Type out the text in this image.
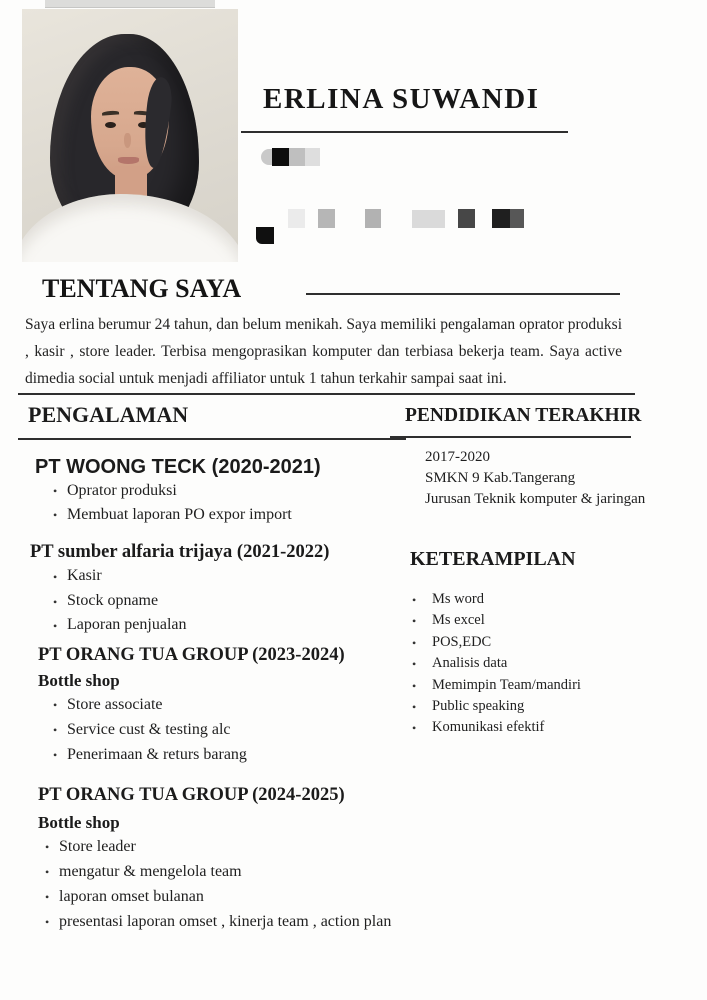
ERLINA SUWANDI
TENTANG SAYA

Saya erlina berumur 24 tahun, dan belum menikah. Saya memiliki pengalaman oprator produksi , kasir , store leader. Terbisa mengoprasikan komputer dan terbiasa bekerja team. Saya active dimedia social untuk menjadi affiliator untuk 1 tahun terkahir sampai saat ini.

PENGALAMAN	PENDIDIKAN TERAKHIR
PT WOONG TECK (2020-2021)
• Oprator produksi
• Membuat laporan PO expor import
PT sumber alfaria trijaya (2021-2022)
• Kasir
• Stock opname
• Laporan penjualan
PT ORANG TUA GROUP (2023-2024)
Bottle shop
• Store associate
• Service cust & testing alc
• Penerimaan & returs barang
PT ORANG TUA GROUP (2024-2025)
Bottle shop
• Store leader
• mengatur & mengelola team
• laporan omset bulanan
• presentasi laporan omset , kinerja team , action plan
2017-2020
SMKN 9 Kab.Tangerang
Jurusan Teknik komputer & jaringan
KETERAMPILAN
• Ms word
• Ms excel
• POS,EDC
• Analisis data
• Memimpin Team/mandiri
• Public speaking
• Komunikasi efektif
